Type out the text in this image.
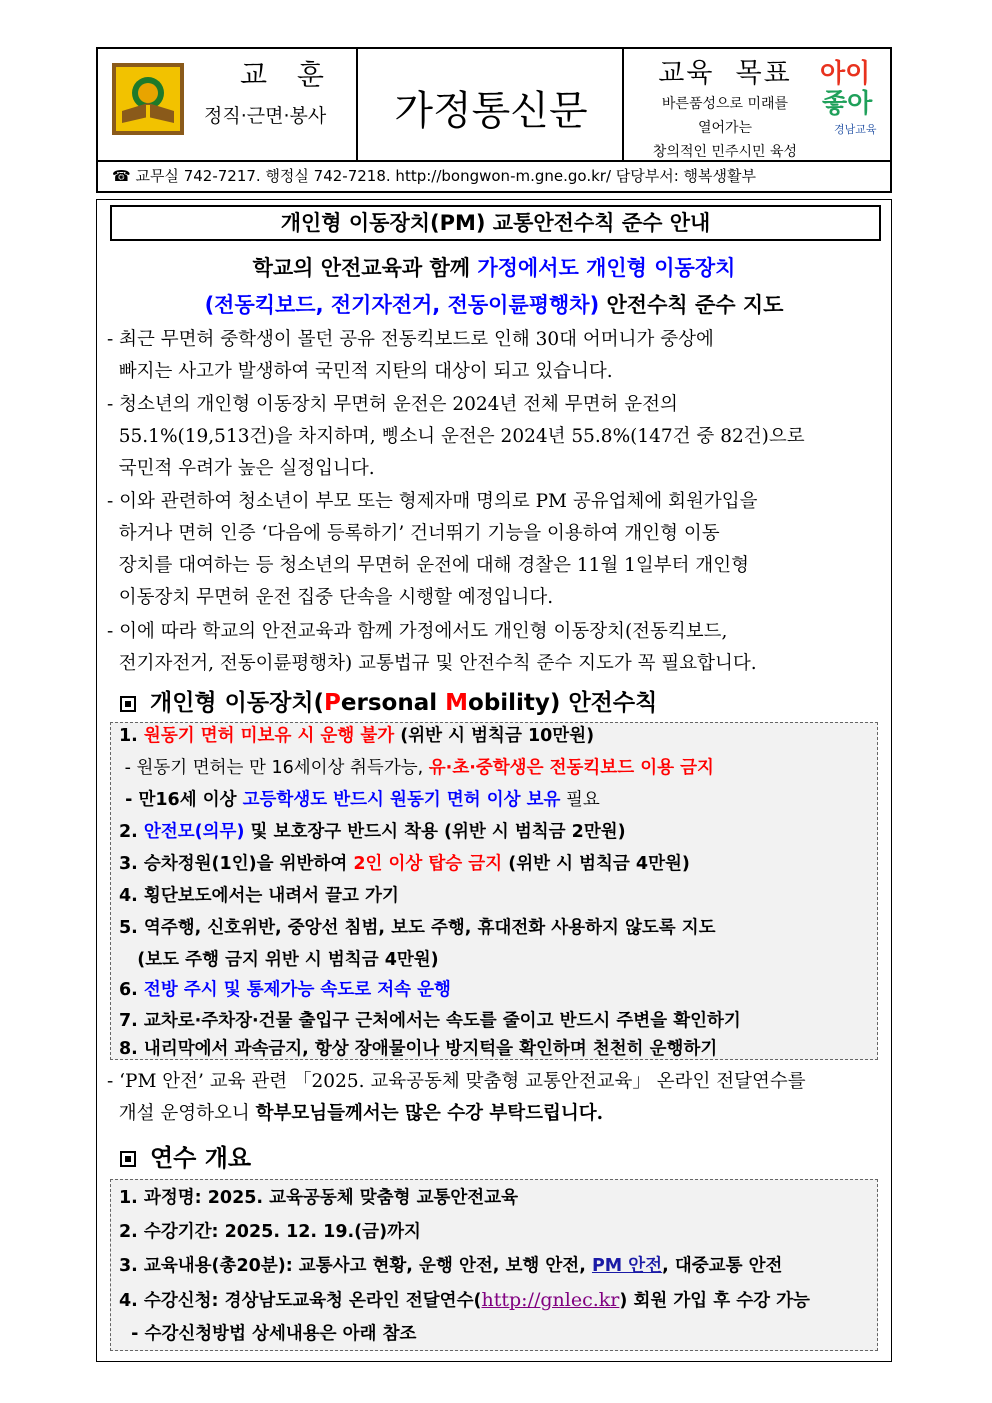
교  훈
정직·근면·봉사	가정통신문
교육  목표
바른품성으로 미래를
열어가는
창의적인 민주시민 육성
아이
좋아
경남교육
☎ 교무실 742-7217. 행정실 742-7218. http://bongwon-m.gne.go.kr/ 담당부서: 행복생활부
개인형 이동장치(PM) 교통안전수칙 준수 안내
학교의 안전교육과 함께 가정에서도 개인형 이동장치
(전동킥보드, 전기자전거, 전동이륜평행차) 안전수칙 준수 지도
- 최근 무면허 중학생이 몰던 공유 전동킥보드로 인해 30대 어머니가 중상에
빠지는 사고가 발생하여 국민적 지탄의 대상이 되고 있습니다.
- 청소년의 개인형 이동장치 무면허 운전은 2024년 전체 무면허 운전의
55.1%(19,513건)을 차지하며, 삥소니 운전은 2024년 55.8%(147건 중 82건)으로
국민적 우려가 높은 실정입니다.
- 이와 관련하여 청소년이 부모 또는 형제자매 명의로 PM 공유업체에 회원가입을
하거나 면허 인증 ‘다음에 등록하기’ 건너뛰기 기능을 이용하여 개인형 이동
장치를 대여하는 등 청소년의 무면허 운전에 대해 경찰은 11월 1일부터 개인형
이동장치 무면허 운전 집중 단속을 시행할 예정입니다.
- 이에 따라 학교의 안전교육과 함께 가정에서도 개인형 이동장치(전동킥보드,
전기자전거, 전동이륜평행차) 교통법규 및 안전수칙 준수 지도가 꼭 필요합니다.
개인형 이동장치(Personal Mobility) 안전수칙
1. 원동기 면허 미보유 시 운행 불가 (위반 시 범칙금 10만원)
- 원동기 면허는 만 16세이상 취득가능, 유·초·중학생은 전동킥보드 이용 금지
- 만16세 이상 고등학생도 반드시 원동기 면허 이상 보유 필요
2. 안전모(의무) 및 보호장구 반드시 착용 (위반 시 범칙금 2만원)
3. 승차정원(1인)을 위반하여 2인 이상 탑승 금지 (위반 시 범칙금 4만원)
4. 횡단보도에서는 내려서 끌고 가기
5. 역주행, 신호위반, 중앙선 침범, 보도 주행, 휴대전화 사용하지 않도록 지도
(보도 주행 금지 위반 시 범칙금 4만원)
6. 전방 주시 및 통제가능 속도로 저속 운행
7. 교차로·주차장·건물 출입구 근처에서는 속도를 줄이고 반드시 주변을 확인하기
8. 내리막에서 과속금지, 항상 장애물이나 방지턱을 확인하며 천천히 운행하기
- ‘PM 안전’ 교육 관련 「2025. 교육공동체 맞춤형 교통안전교육」 온라인 전달연수를
개설 운영하오니 학부모님들께서는 많은 수강 부탁드립니다.
연수 개요
1. 과정명: 2025. 교육공동체 맞춤형 교통안전교육
2. 수강기간: 2025. 12. 19.(금)까지
3. 교육내용(총20분): 교통사고 현황, 운행 안전, 보행 안전, PM 안전, 대중교통 안전
4. 수강신청: 경상남도교육청 온라인 전달연수(http://gnlec.kr) 회원 가입 후 수강 가능
- 수강신청방법 상세내용은 아래 참조
